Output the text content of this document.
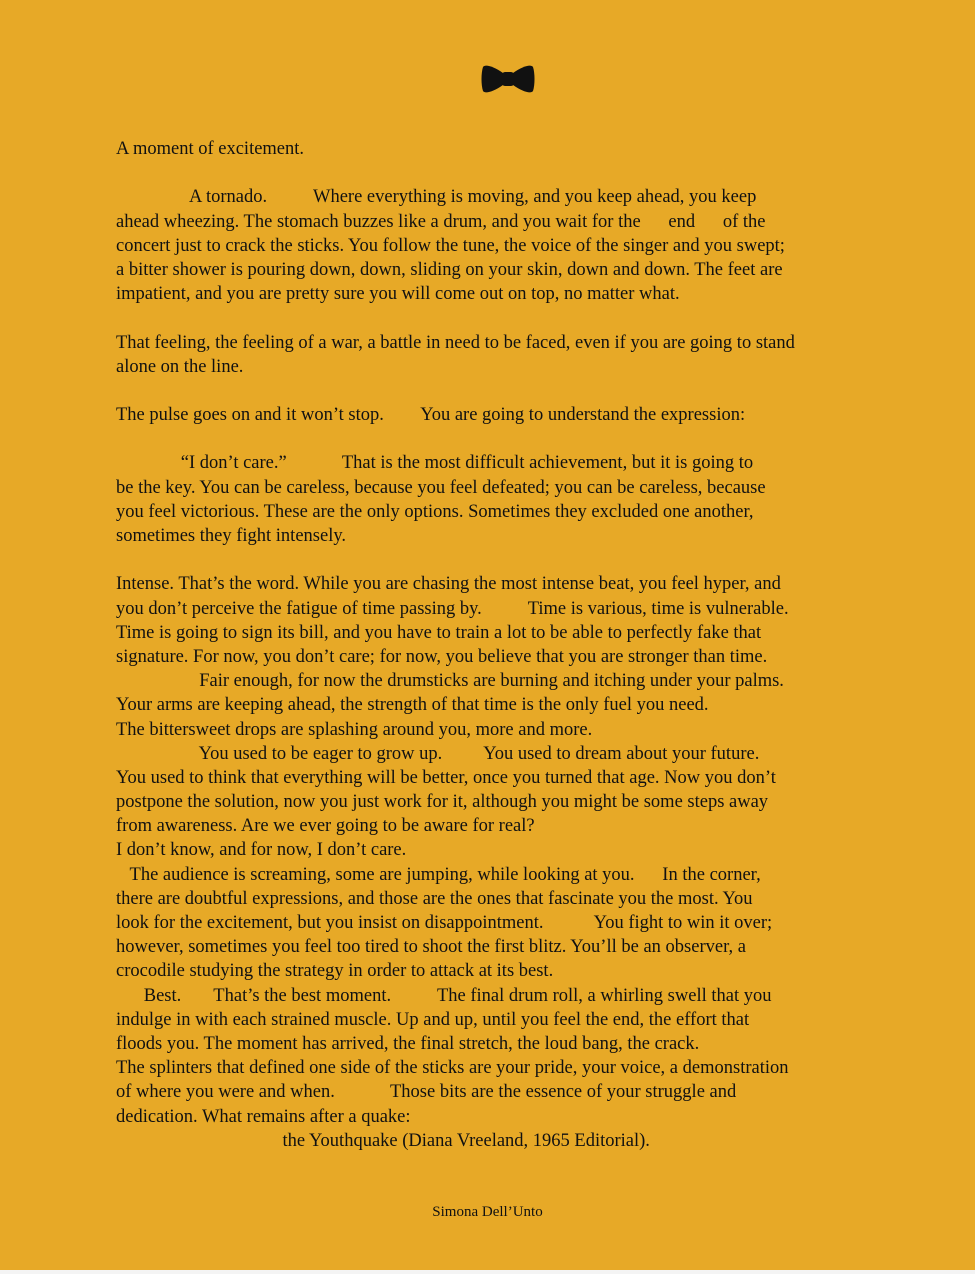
A moment of excitement.
A tornado.          Where everything is moving, and you keep ahead, you keep
ahead wheezing. The stomach buzzes like a drum, and you wait for the      end      of the
concert just to crack the sticks. You follow the tune, the voice of the singer and you swept;
a bitter shower is pouring down, down, sliding on your skin, down and down. The feet are
impatient, and you are pretty sure you will come out on top, no matter what.
That feeling, the feeling of a war, a battle in need to be faced, even if you are going to stand
alone on the line.
The pulse goes on and it won’t stop.        You are going to understand the expression:
“I don’t care.”            That is the most difficult achievement, but it is going to
be the key. You can be careless, because you feel defeated; you can be careless, because
you feel victorious. These are the only options. Sometimes they excluded one another,
sometimes they fight intensely.
Intense. That’s the word. While you are chasing the most intense beat, you feel hyper, and
you don’t perceive the fatigue of time passing by.          Time is various, time is vulnerable.
Time is going to sign its bill, and you have to train a lot to be able to perfectly fake that
signature. For now, you don’t care; for now, you believe that you are stronger than time.
Fair enough, for now the drumsticks are burning and itching under your palms.
Your arms are keeping ahead, the strength of that time is the only fuel you need.
The bittersweet drops are splashing around you, more and more.
You used to be eager to grow up.         You used to dream about your future.
You used to think that everything will be better, once you turned that age. Now you don’t
postpone the solution, now you just work for it, although you might be some steps away
from awareness. Are we ever going to be aware for real?
I don’t know, and for now, I don’t care.
The audience is screaming, some are jumping, while looking at you.      In the corner,
there are doubtful expressions, and those are the ones that fascinate you the most. You
look for the excitement, but you insist on disappointment.           You fight to win it over;
however, sometimes you feel too tired to shoot the first blitz. You’ll be an observer, a
crocodile studying the strategy in order to attack at its best.
Best.       That’s the best moment.          The final drum roll, a whirling swell that you
indulge in with each strained muscle. Up and up, until you feel the end, the effort that
floods you. The moment has arrived, the final stretch, the loud bang, the crack.
The splinters that defined one side of the sticks are your pride, your voice, a demonstration
of where you were and when.            Those bits are the essence of your struggle and
dedication. What remains after a quake:
the Youthquake (Diana Vreeland, 1965 Editorial).
Simona Dell’Unto
